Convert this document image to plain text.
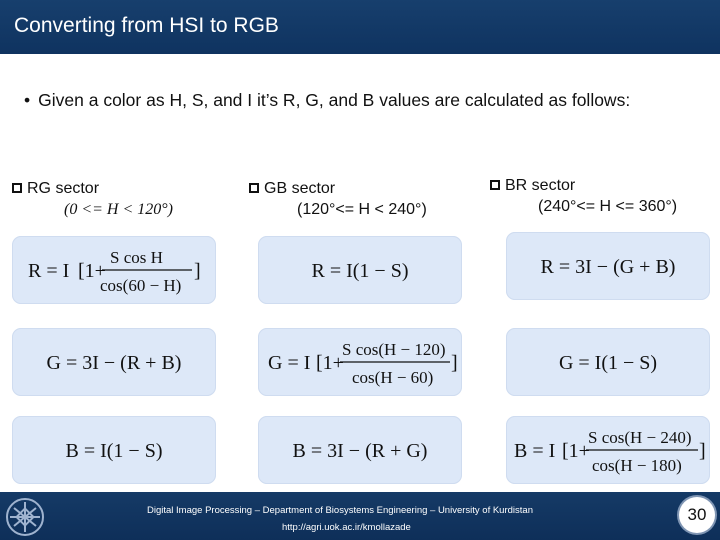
Converting from HSI to RGB
• Given a color as H, S, and I it’s R, G, and B values are calculated as follows:
RG sector
(0 <= H < 120°)
GB sector
(120°<= H < 240°)
BR sector
(240°<= H <= 360°)
R = I [1+
S cos H
cos(60 − H)
]
G = 3I − (R + B)
B = I(1 − S)
R = I(1 − S)
G = I [1+
S cos(H − 120)
cos(H − 60)
]
B = 3I − (R + G)
R = 3I − (G + B)
G = I(1 − S)
B = I [1+
S cos(H − 240)
cos(H − 180)
]
Digital Image Processing – Department of Biosystems Engineering – University of Kurdistan
http://agri.uok.ac.ir/kmollazade
30
